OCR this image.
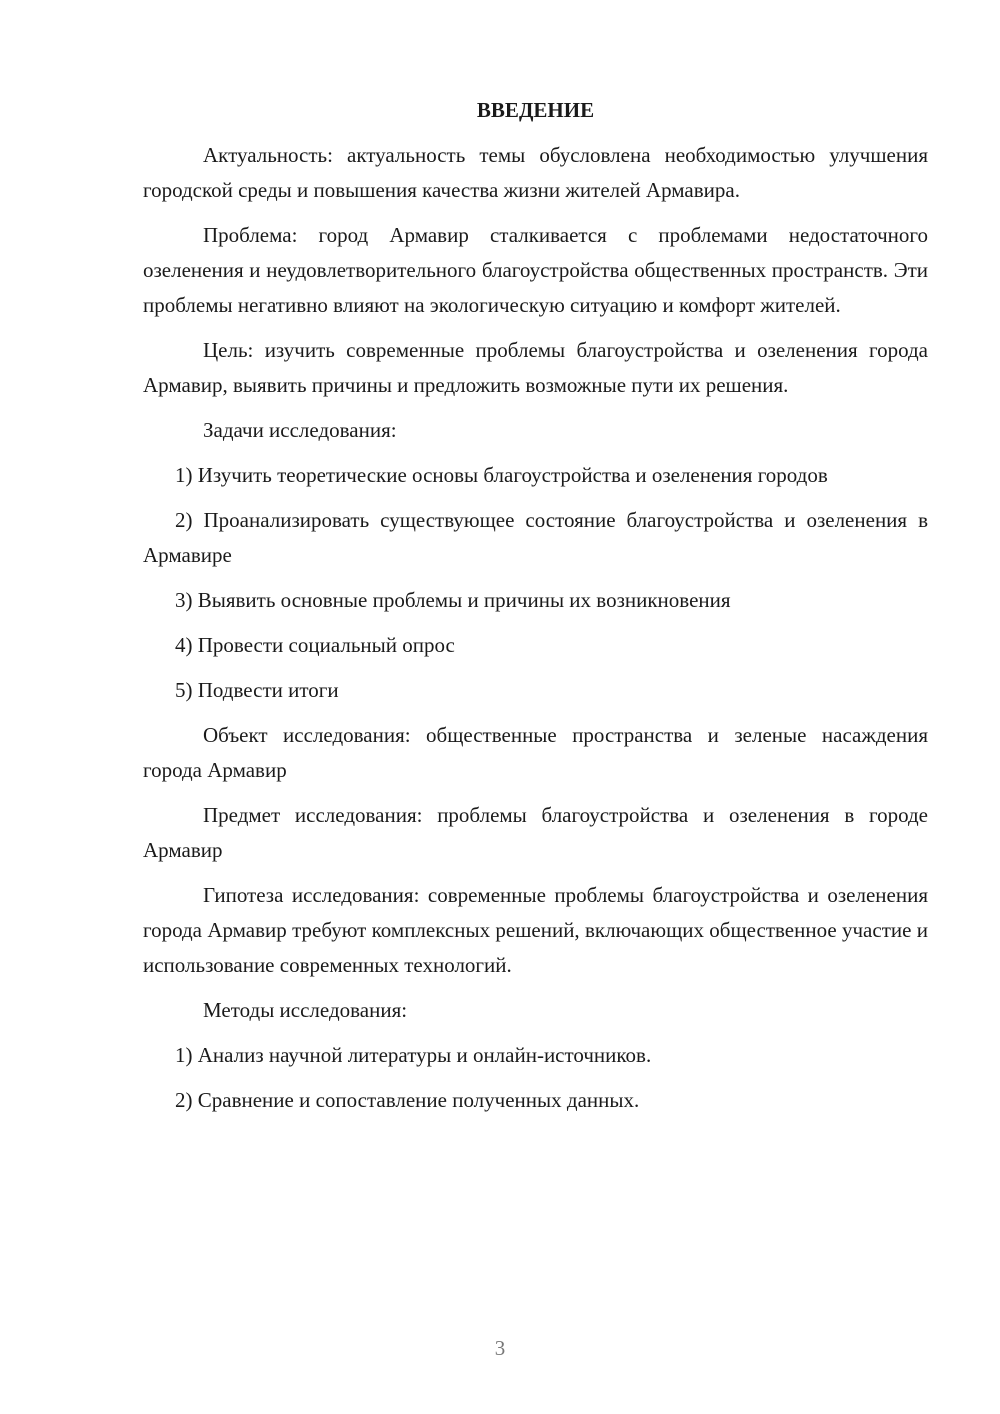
ВВЕДЕНИЕ

Актуальность: актуальность темы обусловлена необходимостью улучшения городской среды и повышения качества жизни жителей Армавира.

Проблема: город Армавир сталкивается с проблемами недостаточного озеленения и неудовлетворительного благоустройства общественных пространств. Эти проблемы негативно влияют на экологическую ситуацию и комфорт жителей.

Цель: изучить современные проблемы благоустройства и озеленения города Армавир, выявить причины и предложить возможные пути их решения.

Задачи исследования:

1) Изучить теоретические основы благоустройства и озеленения городов

2) Проанализировать существующее состояние благоустройства и озеленения в Армавире

3) Выявить основные проблемы и причины их возникновения

4) Провести социальный опрос

5) Подвести итоги

Объект исследования: общественные пространства и зеленые насаждения города Армавир

Предмет исследования: проблемы благоустройства и озеленения в городе Армавир

Гипотеза исследования: современные проблемы благоустройства и озеленения города Армавир требуют комплексных решений, включающих общественное участие и использование современных технологий.

Методы исследования:

1) Анализ научной литературы и онлайн-источников.

2) Сравнение и сопоставление полученных данных.

3
